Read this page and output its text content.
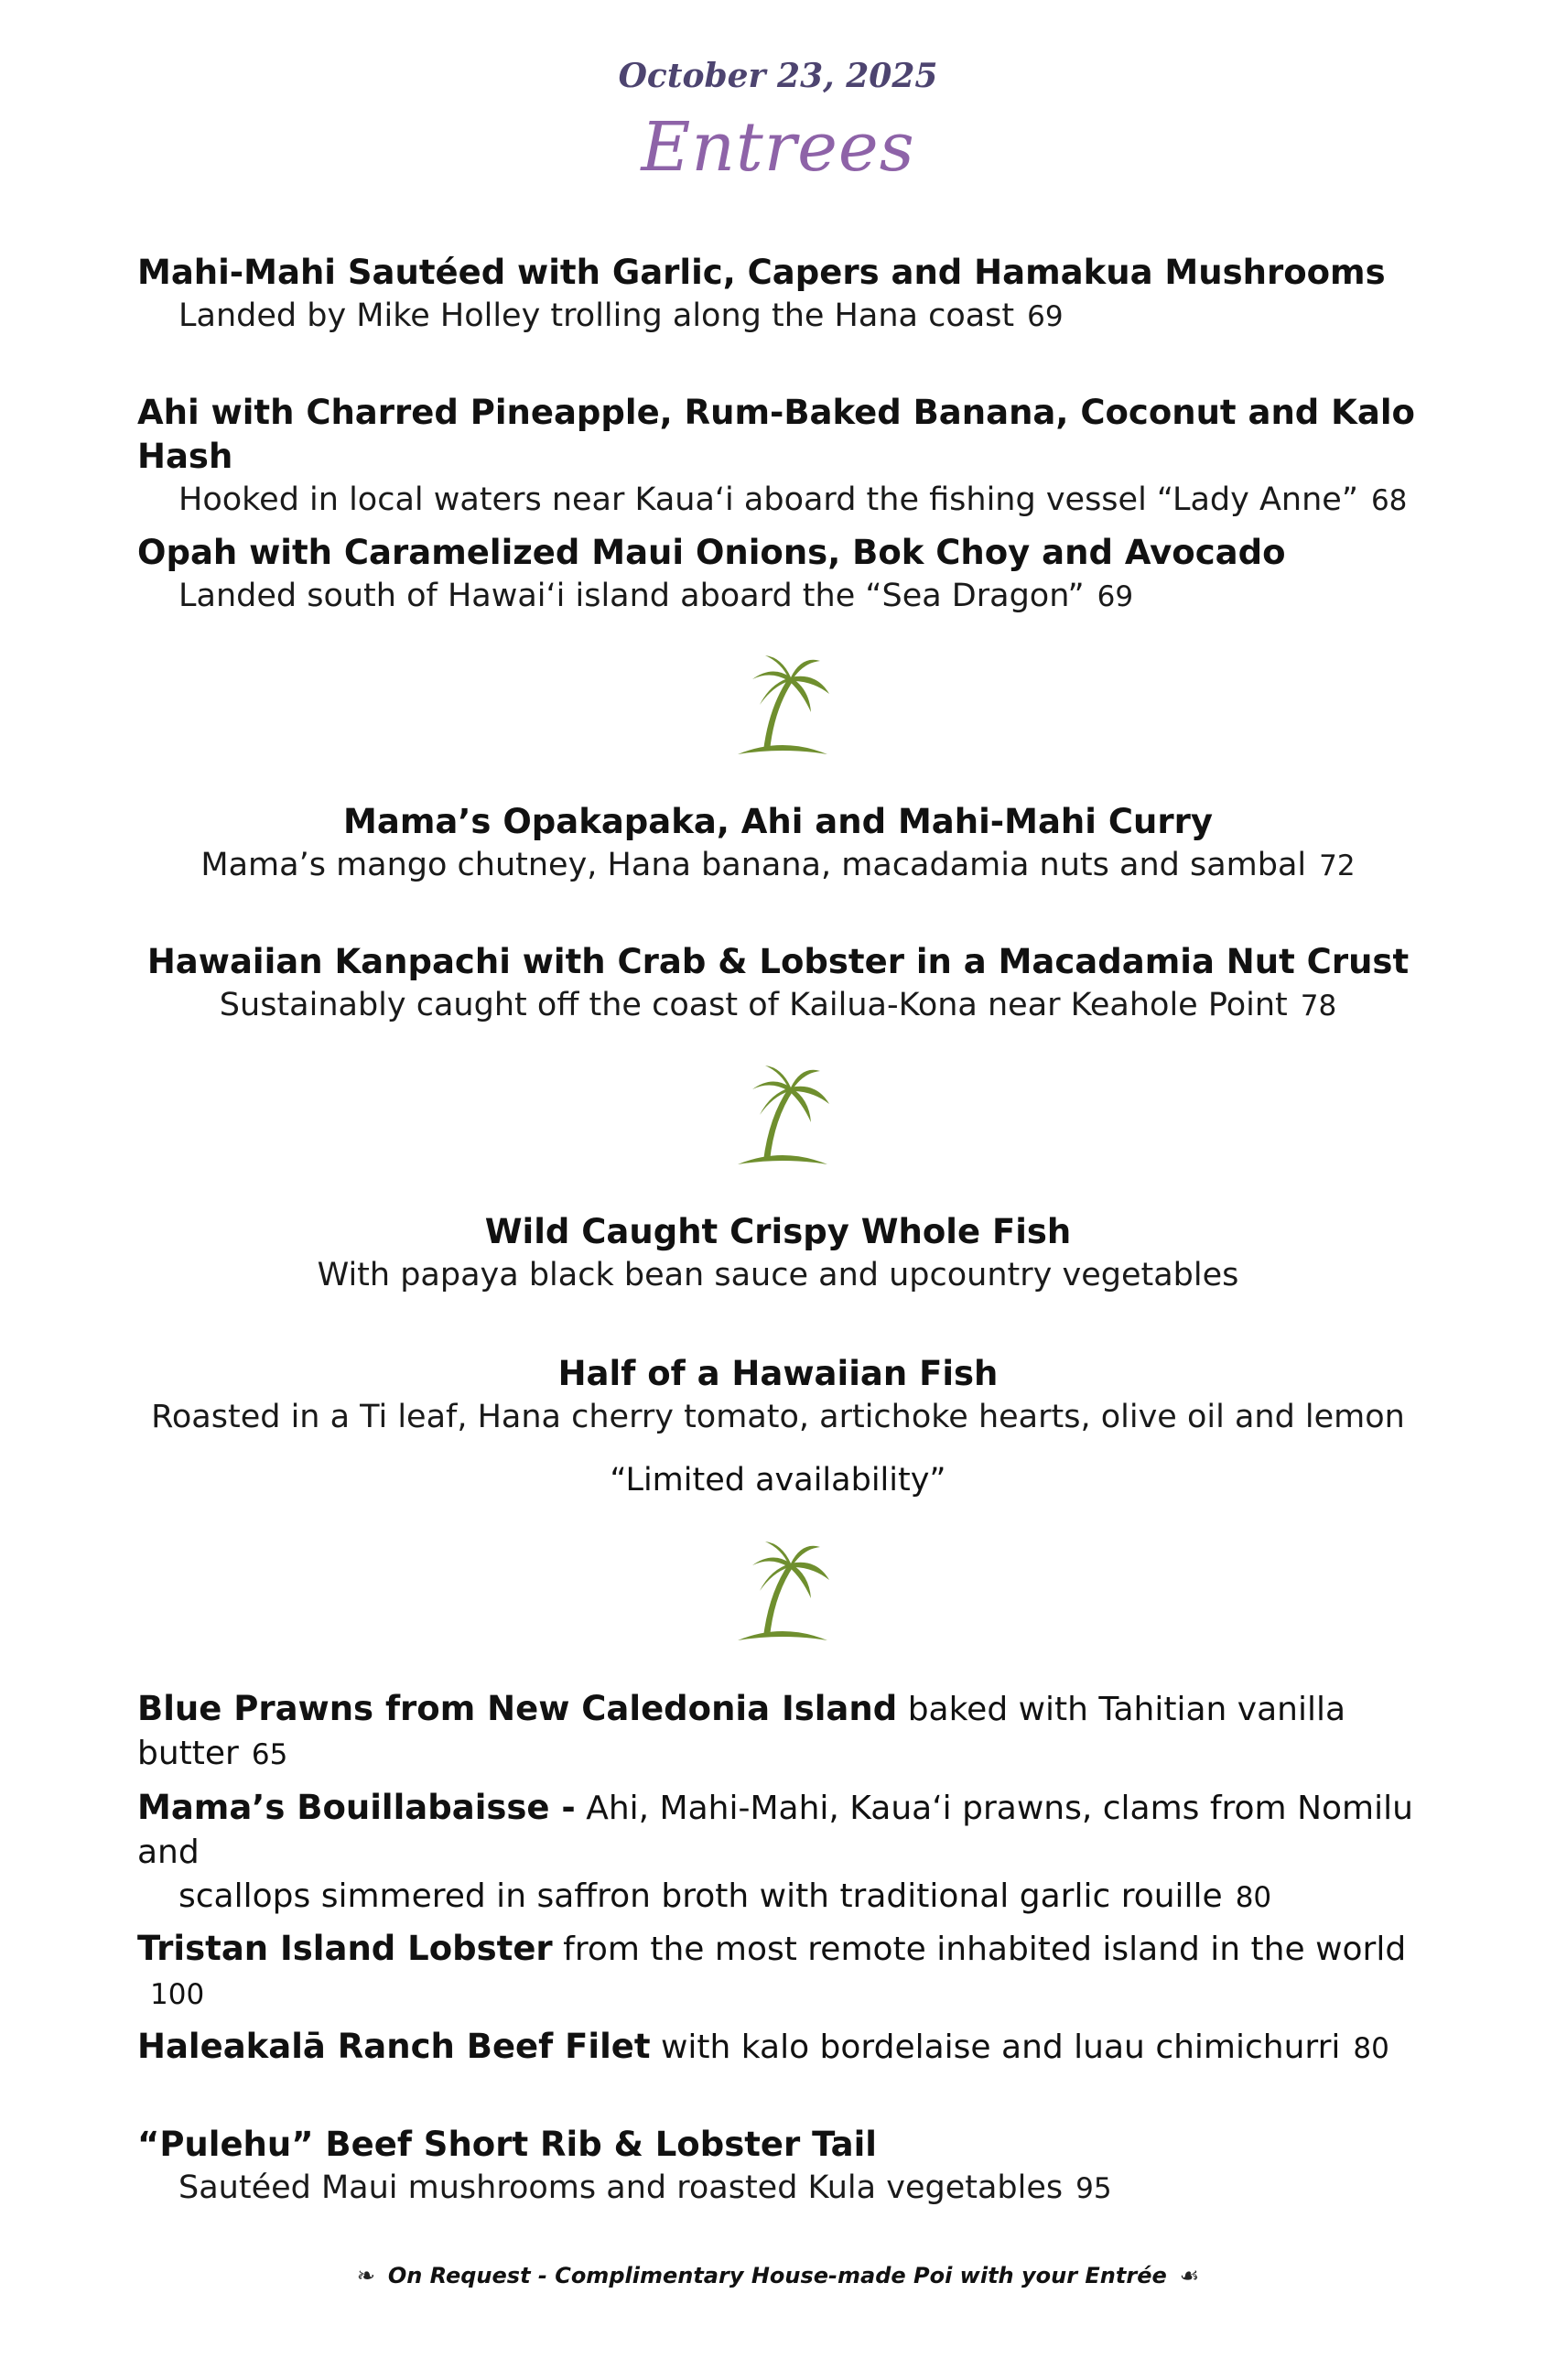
October 23, 2025
Entrees
Mahi-Mahi Sautéed with Garlic, Capers and Hamakua Mushrooms
Landed by Mike Holley trolling along the Hana coast 69
Ahi with Charred Pineapple, Rum-Baked Banana, Coconut and Kalo Hash
Hooked in local waters near Kauaʻi aboard the fishing vessel “Lady Anne” 68
Opah with Caramelized Maui Onions, Bok Choy and Avocado
Landed south of Hawaiʻi island aboard the “Sea Dragon” 69
Mama’s Opakapaka, Ahi and Mahi-Mahi Curry
Mama’s mango chutney, Hana banana, macadamia nuts and sambal 72
Hawaiian Kanpachi with Crab & Lobster in a Macadamia Nut Crust
Sustainably caught off the coast of Kailua-Kona near Keahole Point 78
Wild Caught Crispy Whole Fish
With papaya black bean sauce and upcountry vegetables
Half of a Hawaiian Fish
Roasted in a Ti leaf, Hana cherry tomato, artichoke hearts, olive oil and lemon
“Limited availability”
Blue Prawns from New Caledonia Island baked with Tahitian vanilla butter 65
Mama’s Bouillabaisse - Ahi, Mahi-Mahi, Kauaʻi prawns, clams from Nomilu and
scallops simmered in saffron broth with traditional garlic rouille 80
Tristan Island Lobster from the most remote inhabited island in the world100
Haleakalā Ranch Beef Filet with kalo bordelaise and luau chimichurri 80
“Pulehu” Beef Short Rib & Lobster Tail
Sautéed Maui mushrooms and roasted Kula vegetables 95
❧ On Request - Complimentary House-made Poi with your Entrée ☙
